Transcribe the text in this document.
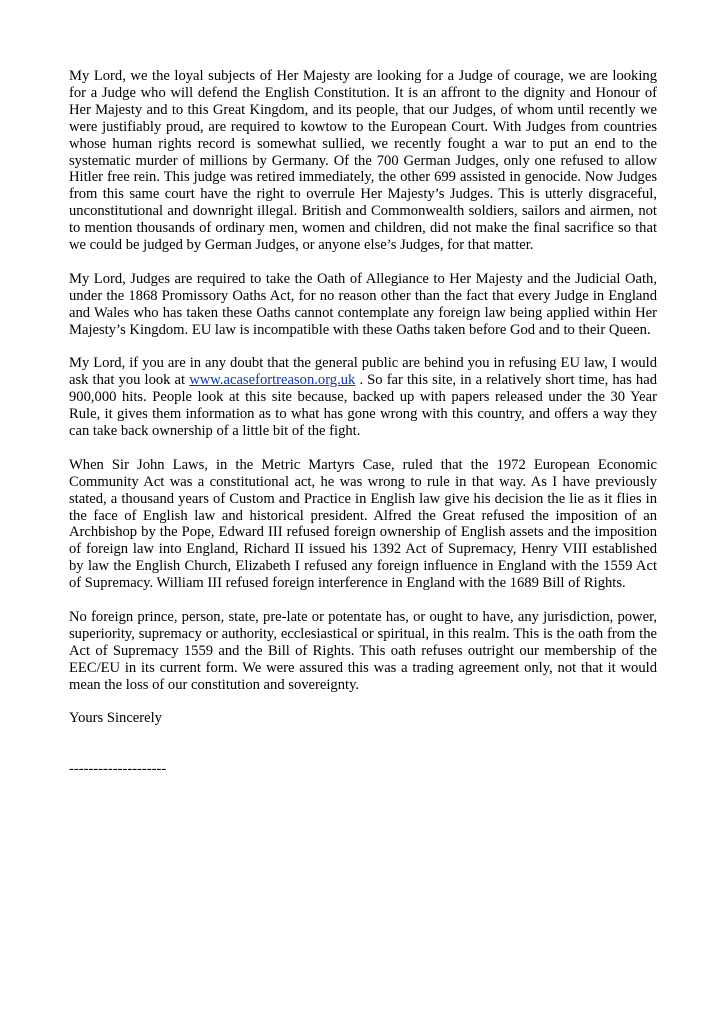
My Lord, we the loyal subjects of Her Majesty are looking for a Judge of courage, we are looking for a Judge who will defend the English Constitution. It is an affront to the dignity and Honour of Her Majesty and to this Great Kingdom, and its people, that our Judges, of whom until recently we were justifiably proud, are required to kowtow to the European Court. With Judges from countries whose human rights record is somewhat sullied, we recently fought a war to put an end to the systematic murder of millions by Germany. Of the 700 German Judges, only one refused to allow Hitler free rein. This judge was retired immediately, the other 699 assisted in genocide. Now Judges from this same court have the right to overrule Her Majesty’s Judges. This is utterly disgraceful, unconstitutional and downright illegal. British and Commonwealth soldiers, sailors and airmen, not to mention thousands of ordinary men, women and children, did not make the final sacrifice so that we could be judged by German Judges, or anyone else’s Judges, for that matter.

My Lord, Judges are required to take the Oath of Allegiance to Her Majesty and the Judicial Oath, under the 1868 Promissory Oaths Act, for no reason other than the fact that every Judge in England and Wales who has taken these Oaths cannot contemplate any foreign law being applied within Her Majesty’s Kingdom. EU law is incompatible with these Oaths taken before God and to their Queen.

My Lord, if you are in any doubt that the general public are behind you in refusing EU law, I would ask that you look at www.acasefortreason.org.uk . So far this site, in a relatively short time, has had 900,000 hits. People look at this site because, backed up with papers released under the 30 Year Rule, it gives them information as to what has gone wrong with this country, and offers a way they can take back ownership of a little bit of the fight.

When Sir John Laws, in the Metric Martyrs Case, ruled that the 1972 European Economic Community Act was a constitutional act, he was wrong to rule in that way. As I have previously stated, a thousand years of Custom and Practice in English law give his decision the lie as it flies in the face of English law and historical president. Alfred the Great refused the imposition of an Archbishop by the Pope, Edward III refused foreign ownership of English assets and the imposition of foreign law into England, Richard II issued his 1392 Act of Supremacy, Henry VIII established by law the English Church, Elizabeth I refused any foreign influence in England with the 1559 Act of Supremacy. William III refused foreign interference in England with the 1689 Bill of Rights.

No foreign prince, person, state, pre-late or potentate has, or ought to have, any jurisdiction, power, superiority, supremacy or authority, ecclesiastical or spiritual, in this realm. This is the oath from the Act of Supremacy 1559 and the Bill of Rights. This oath refuses outright our membership of the EEC/EU in its current form. We were assured this was a trading agreement only, not that it would mean the loss of our constitution and sovereignty.

Yours Sincerely

--------------------
